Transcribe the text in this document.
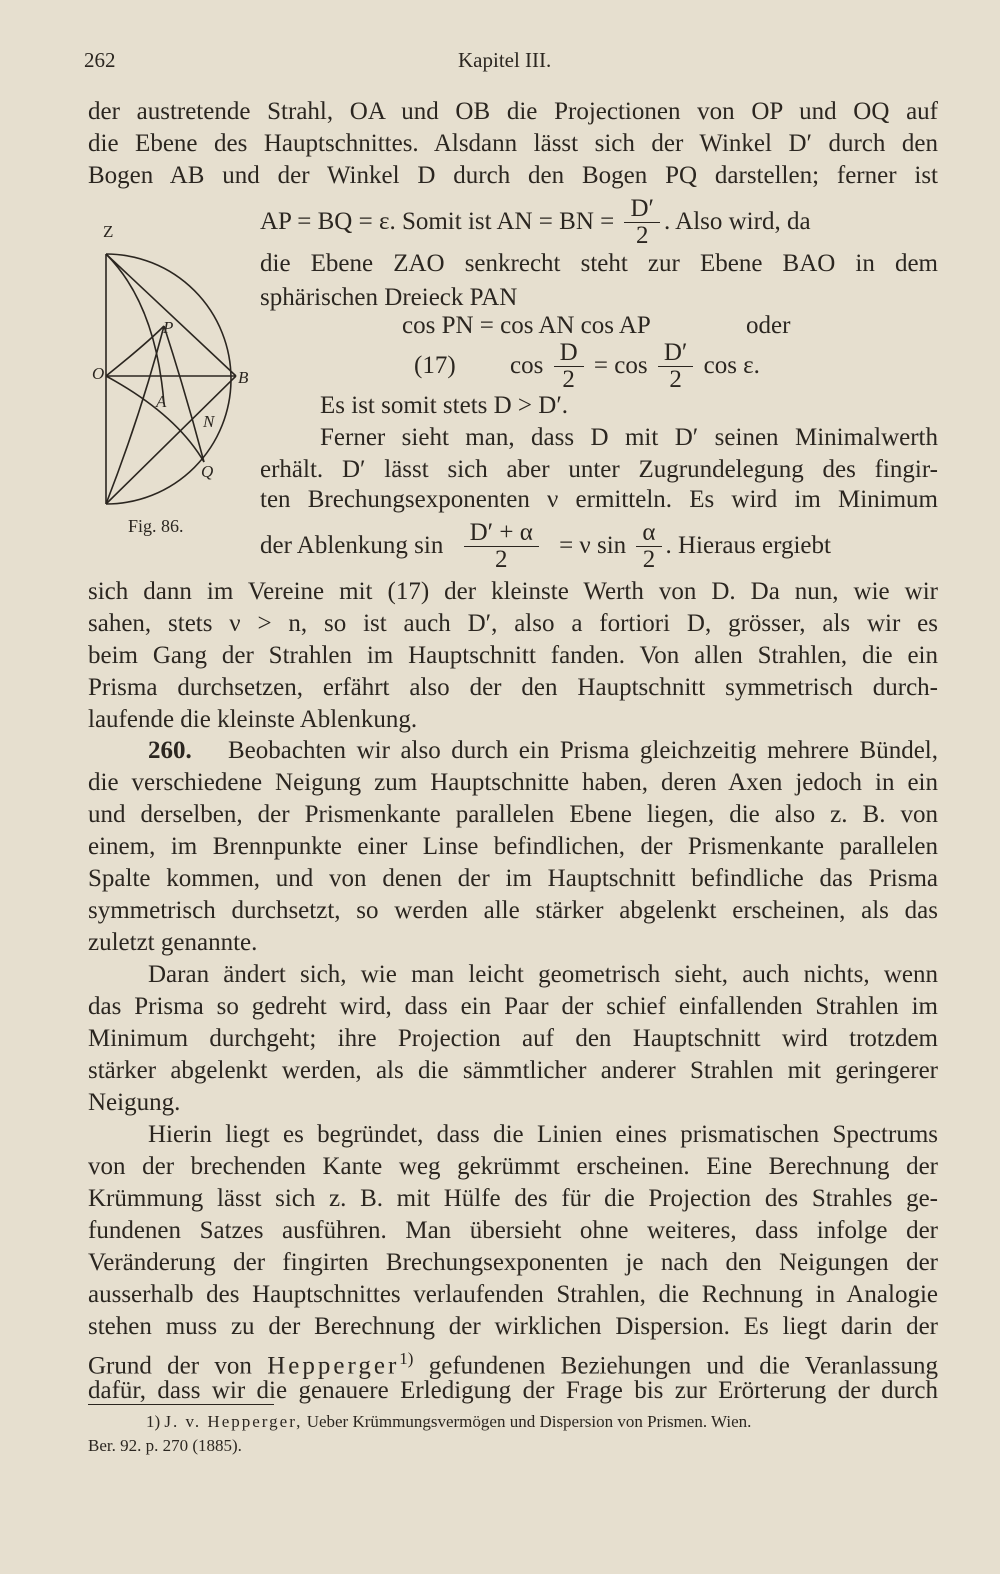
262	Kapitel III.
der austretende Strahl, OA und OB die Projectionen von OP und OQ auf
die Ebene des Hauptschnittes. Alsdann lässt sich der Winkel D′ durch den
Bogen AB und der Winkel D durch den Bogen PQ darstellen; ferner ist
AP = BQ = ε. Somit ist AN = BN = $\frac{D'}{2}$ . Also wird, da
die Ebene ZAO senkrecht steht zur Ebene BAO in dem
sphärischen Dreieck PAN
cos PN = cos AN cos AP	oder
(17) $\cos \frac{D}{2} = \cos \frac{D'}{2}$ cos ε.
Es ist somit stets D > D′.
Ferner sieht man, dass D mit D′ seinen Minimalwerth
erhält. D′ lässt sich aber unter Zugrundelegung des fingir-
ten Brechungsexponenten ν ermitteln. Es wird im Minimum
der Ablenkung $\sin \frac{D' + \alpha}{2} = \nu$ $\sin \frac{\alpha}{2}$ . Hieraus ergiebt
Z
O
P
B
A
N
Q
Fig. 86.
sich dann im Vereine mit (17) der kleinste Werth von D. Da nun, wie wir
sahen, stets ν > n, so ist auch D′, also a fortiori D, grösser, als wir es
beim Gang der Strahlen im Hauptschnitt fanden. Von allen Strahlen, die ein
Prisma durchsetzen, erfährt also der den Hauptschnitt symmetrisch durch-
laufende die kleinste Ablenkung.
260. Beobachten wir also durch ein Prisma gleichzeitig mehrere Bündel,
die verschiedene Neigung zum Hauptschnitte haben, deren Axen jedoch in ein
und derselben, der Prismenkante parallelen Ebene liegen, die also z. B. von
einem, im Brennpunkte einer Linse befindlichen, der Prismenkante parallelen
Spalte kommen, und von denen der im Hauptschnitt befindliche das Prisma
symmetrisch durchsetzt, so werden alle stärker abgelenkt erscheinen, als das
zuletzt genannte.
Daran ändert sich, wie man leicht geometrisch sieht, auch nichts, wenn
das Prisma so gedreht wird, dass ein Paar der schief einfallenden Strahlen im
Minimum durchgeht; ihre Projection auf den Hauptschnitt wird trotzdem
stärker abgelenkt werden, als die sämmtlicher anderer Strahlen mit geringerer
Neigung.
Hierin liegt es begründet, dass die Linien eines prismatischen Spectrums
von der brechenden Kante weg gekrümmt erscheinen. Eine Berechnung der
Krümmung lässt sich z. B. mit Hülfe des für die Projection des Strahles ge-
fundenen Satzes ausführen. Man übersieht ohne weiteres, dass infolge der
Veränderung der fingirten Brechungsexponenten je nach den Neigungen der
ausserhalb des Hauptschnittes verlaufenden Strahlen, die Rechnung in Analogie
stehen muss zu der Berechnung der wirklichen Dispersion. Es liegt darin der
Grund der von Hepperger$^{1)}$ gefundenen Beziehungen und die Veranlassung
dafür, dass wir die genauere Erledigung der Frage bis zur Erörterung der durch
1) J. v. Hepperger, Ueber Krümmungsvermögen und Dispersion von Prismen. Wien.
Ber. 92. p. 270 (1885).
